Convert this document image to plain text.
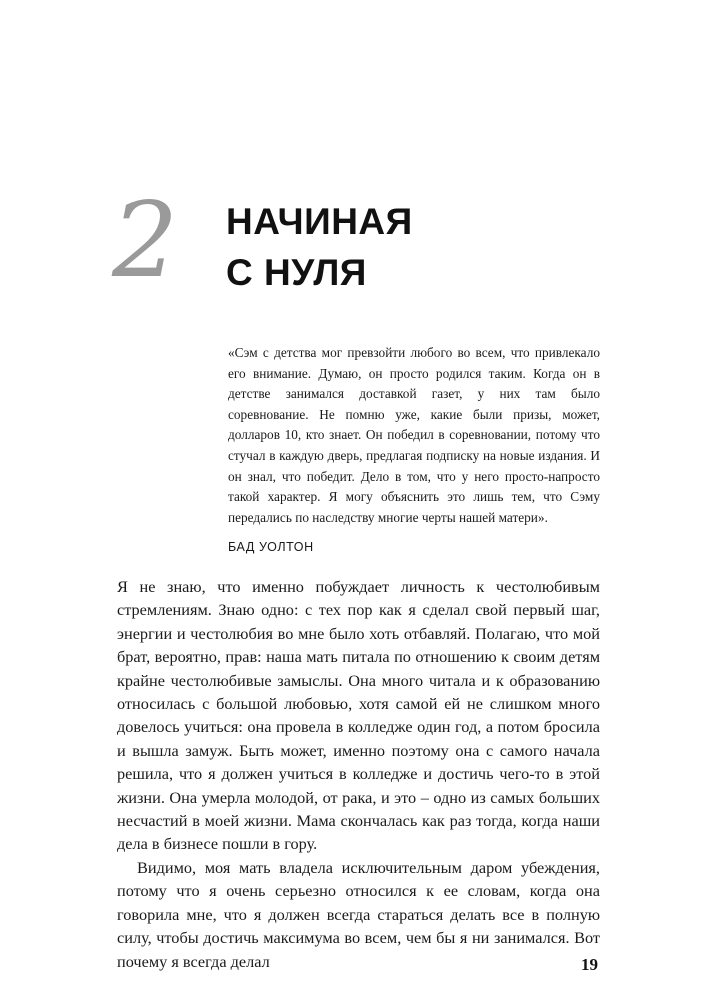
2 НАЧИНАЯ
С НУЛЯ
«Сэм с детства мог превзойти любого во всем, что привлекало его внимание. Думаю, он просто родился таким. Когда он в детстве занимался доставкой газет, у них там было соревнование. Не помню уже, какие были призы, может, долларов 10, кто знает. Он победил в соревновании, потому что стучал в каждую дверь, предлагая подписку на новые издания. И он знал, что победит. Дело в том, что у него просто-напросто такой характер. Я могу объяснить это лишь тем, что Сэму передались по наследству многие черты нашей матери».
БАД УОЛТОН

Я не знаю, что именно побуждает личность к честолюбивым стремлениям. Знаю одно: с тех пор как я сделал свой первый шаг, энергии и честолюбия во мне было хоть отбавляй. Полагаю, что мой брат, вероятно, прав: наша мать питала по отношению к своим детям крайне честолюбивые замыслы. Она много читала и к образованию относилась с большой любовью, хотя самой ей не слишком много довелось учиться: она провела в колледже один год, а потом бросила и вышла замуж. Быть может, именно поэтому она с самого начала решила, что я должен учиться в колледже и достичь чего-то в этой жизни. Она умерла молодой, от рака, и это – одно из самых больших несчастий в моей жизни. Мама скончалась как раз тогда, когда наши дела в бизнесе пошли в гору.

Видимо, моя мать владела исключительным даром убеждения, потому что я очень серьезно относился к ее словам, когда она говорила мне, что я должен всегда стараться делать все в полную силу, чтобы достичь максимума во всем, чем бы я ни занимался. Вот почему я всегда делал	19
